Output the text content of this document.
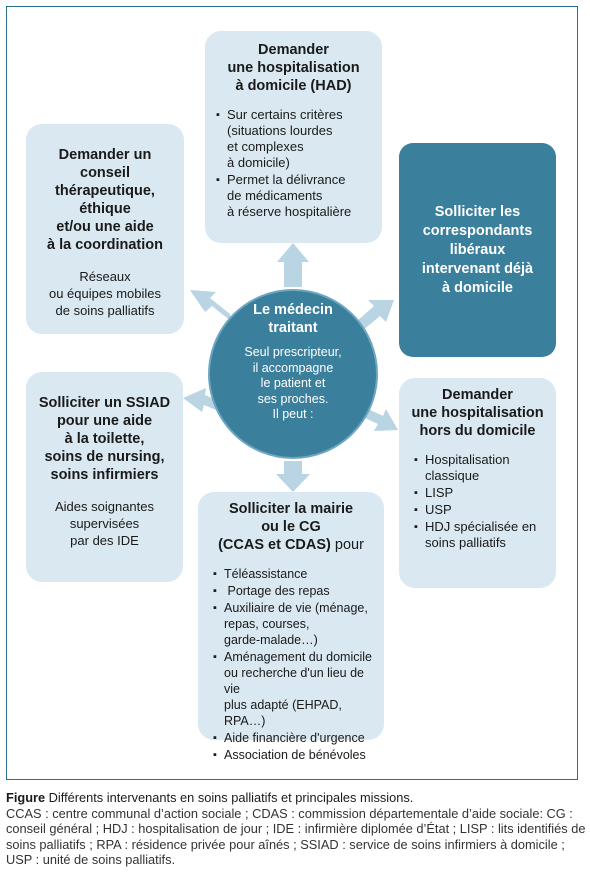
Demander
une hospitalisation
à domicile (HAD)
▪ Sur certains critères
(situations lourdes
et complexes
à domicile)
▪ Permet la délivrance
de médicaments
à réserve hospitalière
Demander un conseil
thérapeutique,
éthique
et/ou une aide
à la coordination
Réseaux
ou équipes mobiles
de soins palliatifs
Solliciter les
correspondants
libéraux
intervenant déjà
à domicile
Le médecin
traitant
Seul prescripteur,
il accompagne
le patient et
ses proches.
Il peut :
Solliciter un SSIAD
pour une aide
à la toilette,
soins de nursing,
soins infirmiers
Aides soignantes
supervisées
par des IDE
Demander
une hospitalisation
hors du domicile
▪ Hospitalisation
classique
▪ LISP
▪ USP
▪ HDJ spécialisée en
soins palliatifs
Solliciter la mairie
ou le CG
(CCAS et CDAS) pour
▪ Téléassistance
▪  Portage des repas
▪ Auxiliaire de vie (ménage,
repas, courses,
garde-malade…)
▪ Aménagement du domicile
ou recherche d'un lieu de vie
plus adapté (EHPAD, RPA…)
▪ Aide financière d'urgence
▪ Association de bénévoles
Figure Différents intervenants en soins palliatifs et principales missions.
CCAS : centre communal d’action sociale ; CDAS : commission départementale d’aide sociale: CG : conseil général ; HDJ : hospitalisation de jour ; IDE : infirmière diplomée d’État ; LISP : lits identifiés de soins palliatifs ; RPA : résidence privée pour aînés ; SSIAD : service de soins infirmiers à domicile ; USP : unité de soins palliatifs.
